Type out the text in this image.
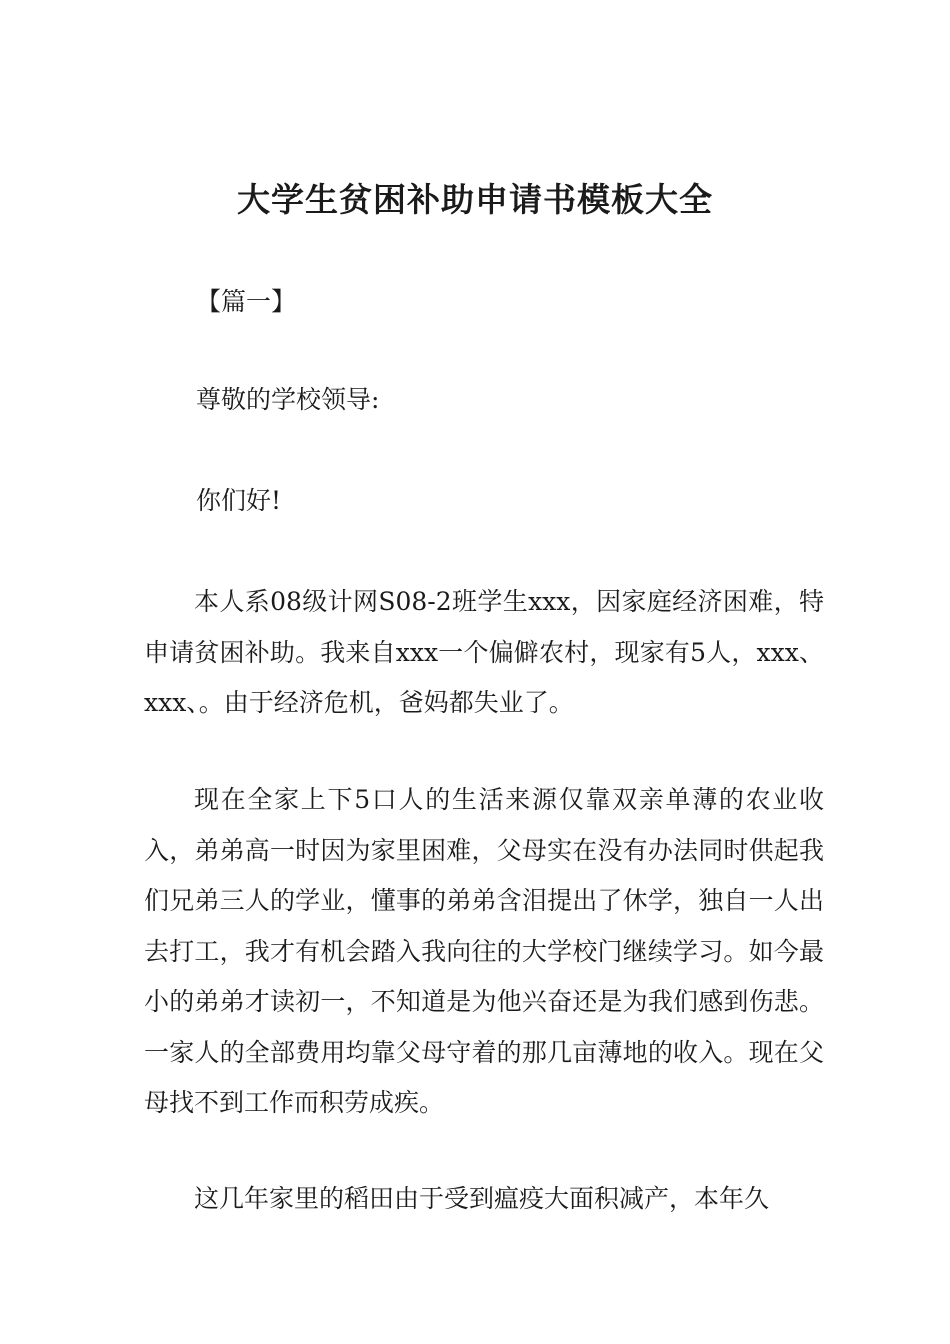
大学生贫困补助申请书模板大全

【篇一】

尊敬的学校领导:

你们好!

本人系08级计网S08-2班学生xxx，因家庭经济困难，特申请贫困补助。我来自xxx一个偏僻农村，现家有5人，xxx、xxx、。由于经济危机，爸妈都失业了。

现在全家上下5口人的生活来源仅靠双亲单薄的农业收入，弟弟高一时因为家里困难，父母实在没有办法同时供起我们兄弟三人的学业，懂事的弟弟含泪提出了休学，独自一人出去打工，我才有机会踏入我向往的大学校门继续学习。如今最小的弟弟才读初一，不知道是为他兴奋还是为我们感到伤悲。一家人的全部费用均靠父母守着的那几亩薄地的收入。现在父母找不到工作而积劳成疾。

这几年家里的稻田由于受到瘟疫大面积减产，本年久
